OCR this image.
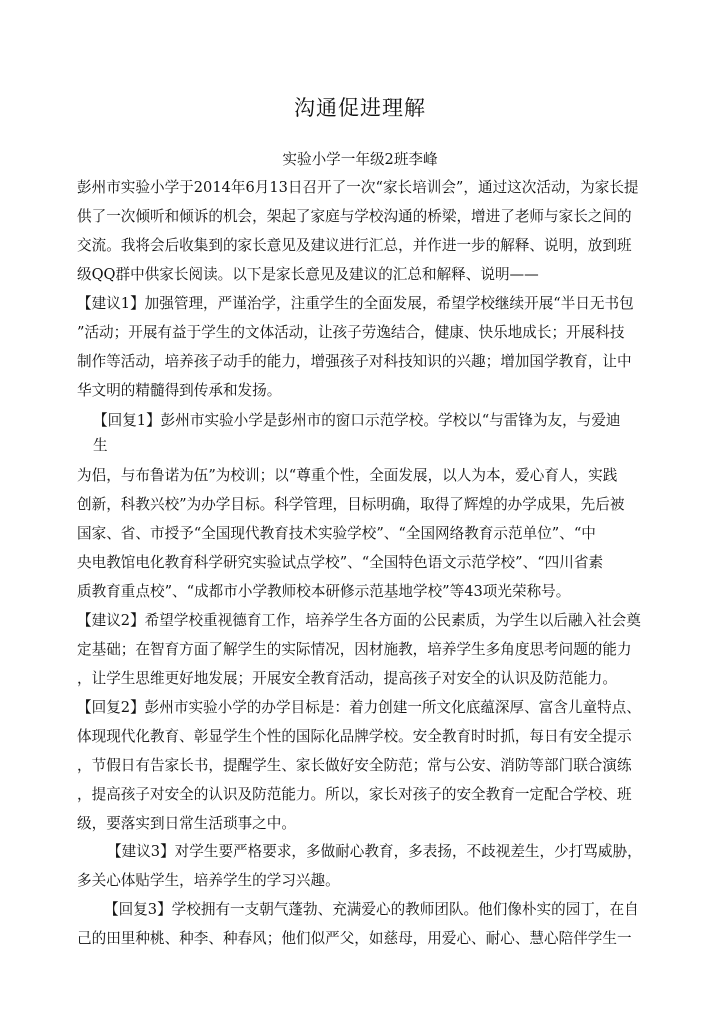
沟通促进理解
实验小学一年级2班李峰
彭州市实验小学于2014年6月13日召开了一次“家长培训会”，通过这次活动，为家长提
供了一次倾听和倾诉的机会，架起了家庭与学校沟通的桥梁，增进了老师与家长之间的
交流。我将会后收集到的家长意见及建议进行汇总，并作进一步的解释、说明，放到班
级QQ群中供家长阅读。以下是家长意见及建议的汇总和解释、说明——
【建议1】加强管理，严谨治学，注重学生的全面发展，希望学校继续开展“半日无书包
”活动；开展有益于学生的文体活动，让孩子劳逸结合，健康、快乐地成长；开展科技
制作等活动，培养孩子动手的能力，增强孩子对科技知识的兴趣；增加国学教育，让中
华文明的精髓得到传承和发扬。
【回复1】彭州市实验小学是彭州市的窗口示范学校。学校以“与雷锋为友，与爱迪
生
为侣，与布鲁诺为伍”为校训；以“尊重个性，全面发展，以人为本，爱心育人，实践
创新，科教兴校”为办学目标。科学管理，目标明确，取得了辉煌的办学成果，先后被
国家、省、市授予“全国现代教育技术实验学校”、“全国网络教育示范单位”、“中
央电教馆电化教育科学研究实验试点学校”、“全国特色语文示范学校”、“四川省素
质教育重点校”、“成都市小学教师校本研修示范基地学校”等43项光荣称号。
【建议2】希望学校重视德育工作，培养学生各方面的公民素质，为学生以后融入社会奠
定基础；在智育方面了解学生的实际情况，因材施教，培养学生多角度思考问题的能力
，让学生思维更好地发展；开展安全教育活动，提高孩子对安全的认识及防范能力。
【回复2】彭州市实验小学的办学目标是：着力创建一所文化底蕴深厚、富含儿童特点、
体现现代化教育、彰显学生个性的国际化品牌学校。安全教育时时抓，每日有安全提示
，节假日有告家长书，提醒学生、家长做好安全防范；常与公安、消防等部门联合演练
，提高孩子对安全的认识及防范能力。所以，家长对孩子的安全教育一定配合学校、班
级，要落实到日常生活琐事之中。
【建议3】对学生要严格要求，多做耐心教育，多表扬，不歧视差生，少打骂威胁，
多关心体贴学生，培养学生的学习兴趣。
【回复3】学校拥有一支朝气蓬勃、充满爱心的教师团队。他们像朴实的园丁，在自
己的田里种桃、种李、种春风；他们似严父，如慈母，用爱心、耐心、慧心陪伴学生一
